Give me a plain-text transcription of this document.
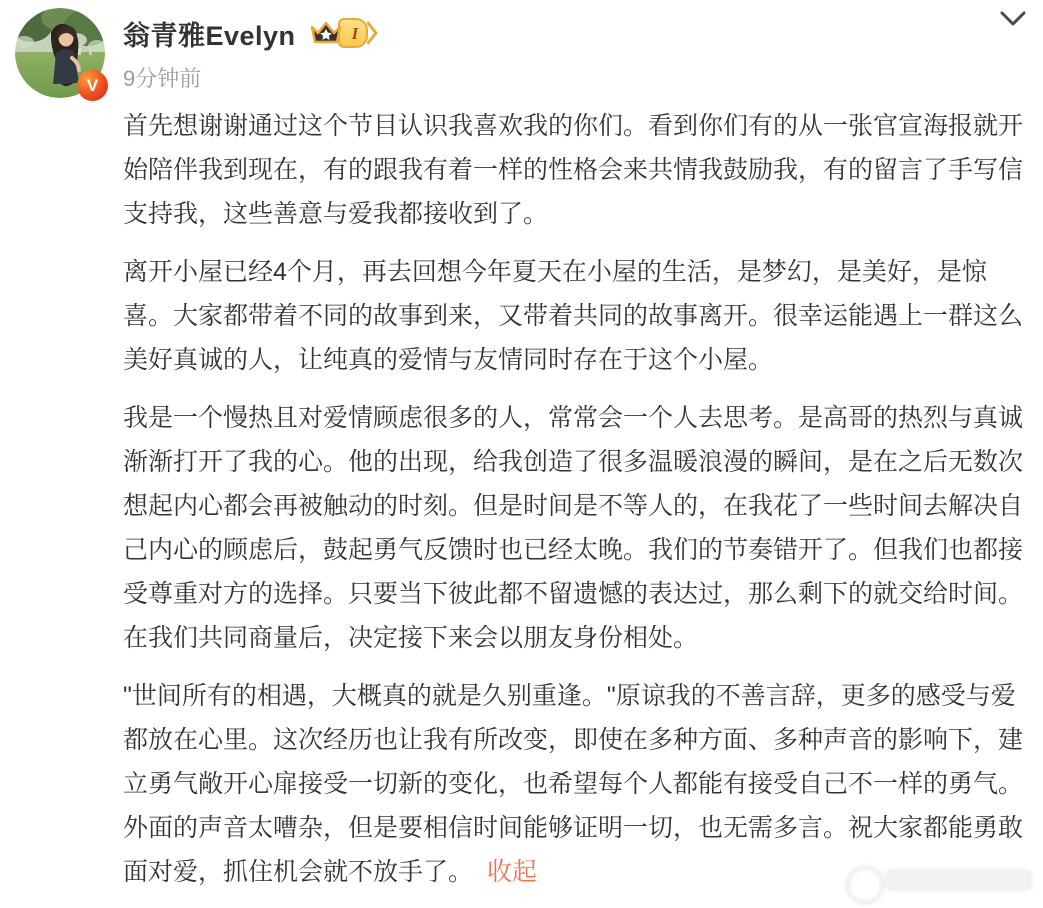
V
翁青雅Evelyn	I
9分钟前

首先想谢谢通过这个节目认识我喜欢我的你们。看到你们有的从一张官宣海报就开始陪伴我到现在，有的跟我有着一样的性格会来共情我鼓励我，有的留言了手写信支持我，这些善意与爱我都接收到了。

离开小屋已经4个月，再去回想今年夏天在小屋的生活，是梦幻，是美好，是惊喜。大家都带着不同的故事到来，又带着共同的故事离开。很幸运能遇上一群这么美好真诚的人，让纯真的爱情与友情同时存在于这个小屋。

我是一个慢热且对爱情顾虑很多的人，常常会一个人去思考。是高哥的热烈与真诚渐渐打开了我的心。他的出现，给我创造了很多温暖浪漫的瞬间，是在之后无数次想起内心都会再被触动的时刻。但是时间是不等人的，在我花了一些时间去解决自己内心的顾虑后，鼓起勇气反馈时也已经太晚。我们的节奏错开了。但我们也都接受尊重对方的选择。只要当下彼此都不留遗憾的表达过，那么剩下的就交给时间。在我们共同商量后，决定接下来会以朋友身份相处。

"世间所有的相遇，大概真的就是久别重逢。"原谅我的不善言辞，更多的感受与爱都放在心里。这次经历也让我有所改变，即使在多种方面、多种声音的影响下，建立勇气敞开心扉接受一切新的变化，也希望每个人都能有接受自己不一样的勇气。外面的声音太嘈杂，但是要相信时间能够证明一切，也无需多言。祝大家都能勇敢面对爱，抓住机会就不放手了。 收起
